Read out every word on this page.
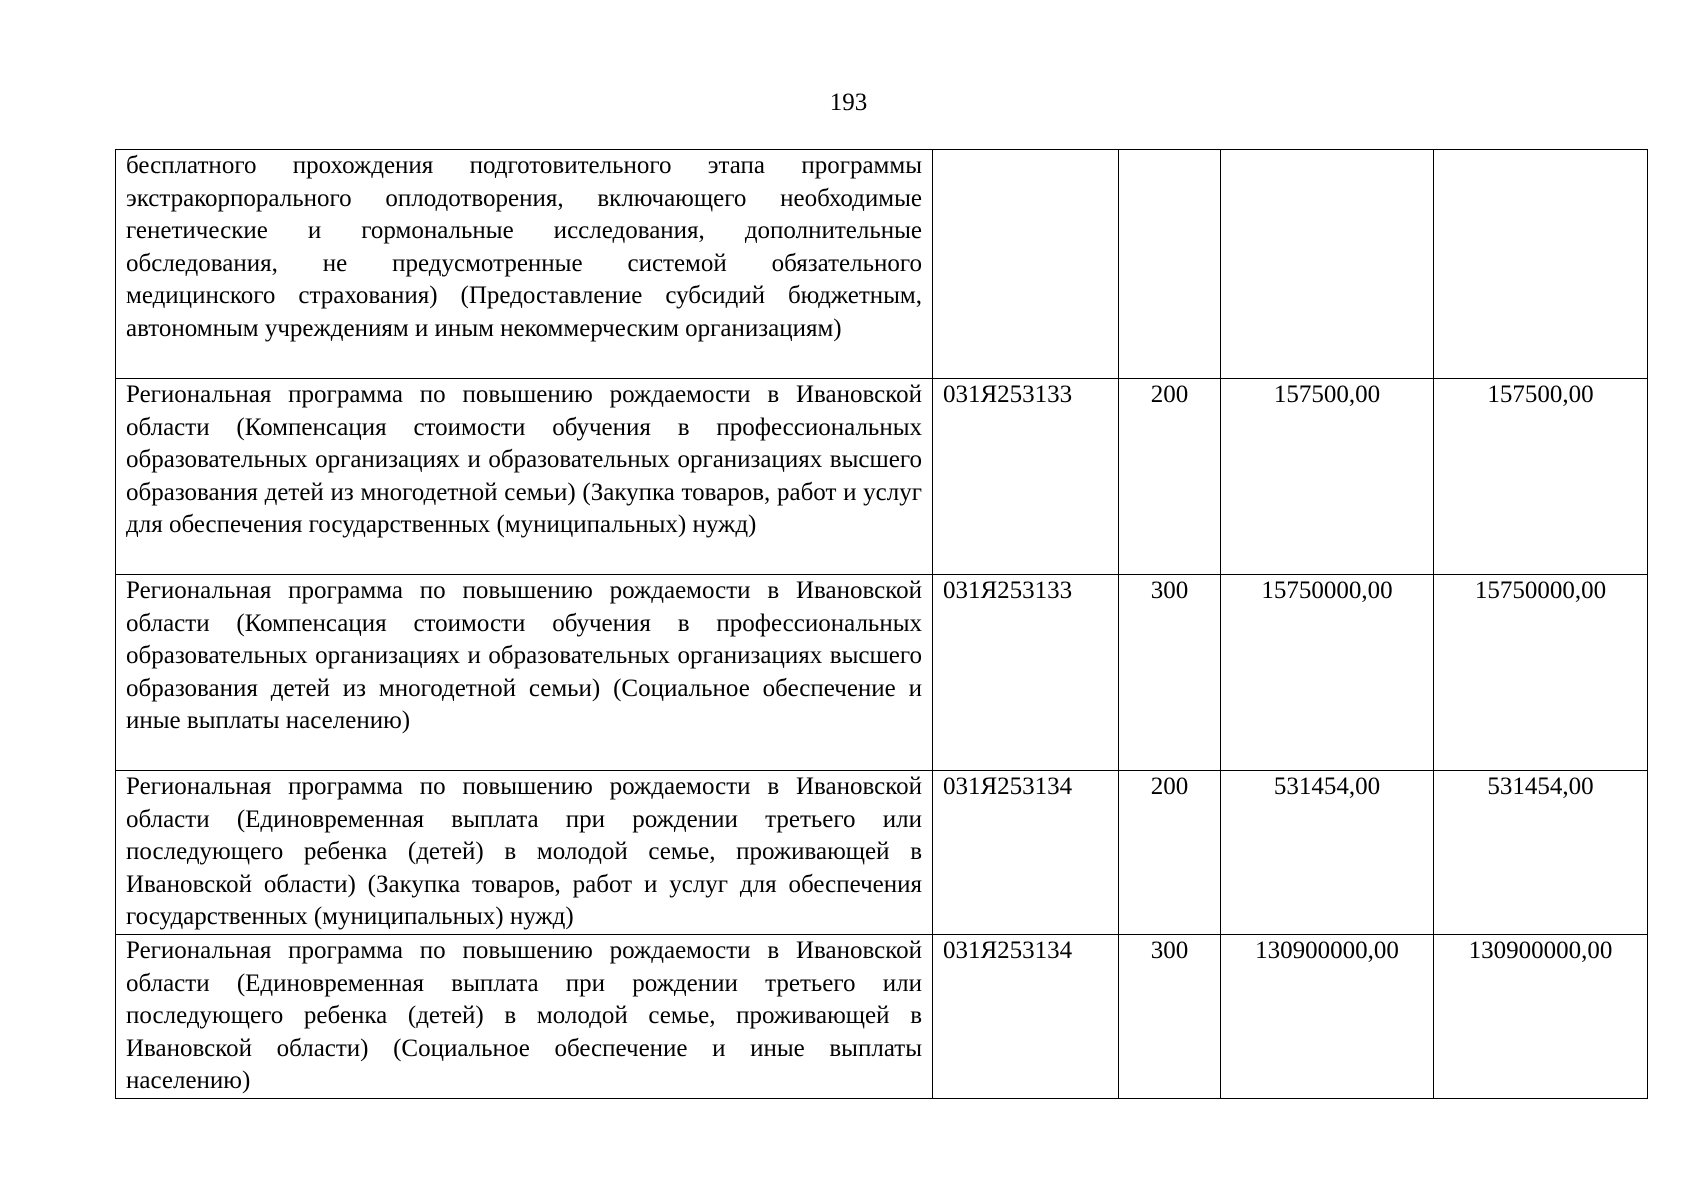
193
бесплатного прохождения подготовительного этапа программы экстракорпорального оплодотворения, включающего необходимые генетические и гормональные исследования, дополнительные обследования, не предусмотренные системой обязательного медицинского страхования) (Предоставление субсидий бюджетным, автономным учреждениям и иным некоммерческим организациям)				
Региональная программа по повышению рождаемости в Ивановской области (Компенсация стоимости обучения в профессиональных образовательных организациях и образовательных организациях высшего образования детей из многодетной семьи) (Закупка товаров, работ и услуг для обеспечения государственных (муниципальных) нужд)	031Я253133	200	157500,00	157500,00
Региональная программа по повышению рождаемости в Ивановской области (Компенсация стоимости обучения в профессиональных образовательных организациях и образовательных организациях высшего образования детей из многодетной семьи) (Социальное обеспечение и иные выплаты населению)	031Я253133	300	15750000,00	15750000,00
Региональная программа по повышению рождаемости в Ивановской области (Единовременная выплата при рождении третьего или последующего ребенка (детей) в молодой семье, проживающей в Ивановской области) (Закупка товаров, работ и услуг для обеспечения государственных (муниципальных) нужд)	031Я253134	200	531454,00	531454,00
Региональная программа по повышению рождаемости в Ивановской области (Единовременная выплата при рождении третьего или последующего ребенка (детей) в молодой семье, проживающей в Ивановской области) (Социальное обеспечение и иные выплаты населению)	031Я253134	300	130900000,00	130900000,00
